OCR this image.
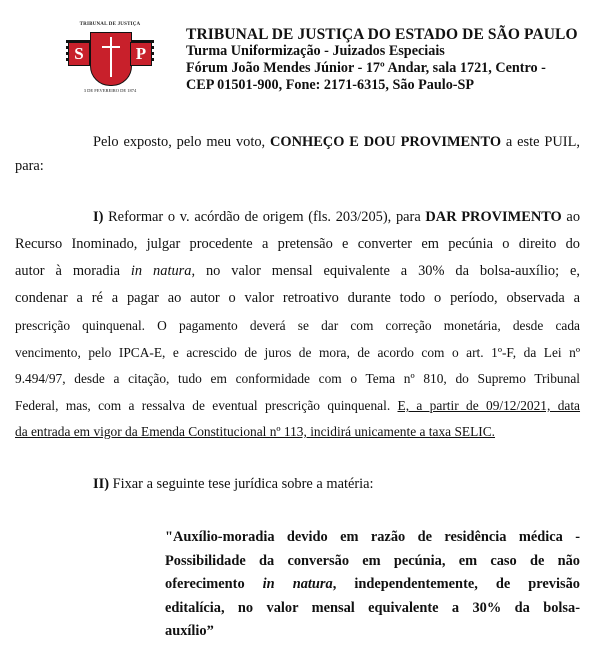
TRIBUNAL DE JUSTIÇA
S	P
3 DE FEVEREIRO DE 1874
TRIBUNAL DE JUSTIÇA DO ESTADO DE SÃO PAULO
Turma Uniformização - Juizados Especiais
Fórum João Mendes Júnior - 17º Andar, sala 1721, Centro -
CEP 01501-900, Fone: 2171-6315, São Paulo-SP
Pelo exposto, pelo meu voto, CONHEÇO E DOU PROVIMENTO a este PUIL,
para:
I) Reformar o v. acórdão de origem (fls. 203/205), para DAR PROVIMENTO ao
Recurso Inominado, julgar procedente a pretensão e converter em pecúnia o direito do
autor à moradia in natura, no valor mensal equivalente a 30% da bolsa-auxílio; e,
condenar a ré a pagar ao autor o valor retroativo durante todo o período, observada a
prescrição quinquenal. O pagamento deverá se dar com correção monetária, desde cada
vencimento, pelo IPCA-E, e acrescido de juros de mora, de acordo com o art. 1º-F, da Lei nº
9.494/97, desde a citação, tudo em conformidade com o Tema nº 810, do Supremo Tribunal
Federal, mas, com a ressalva de eventual prescrição quinquenal. E, a partir de 09/12/2021, data
da entrada em vigor da Emenda Constitucional nº 113, incidirá unicamente a taxa SELIC.
II) Fixar a seguinte tese jurídica sobre a matéria:
"Auxílio-moradia devido em razão de residência médica -
Possibilidade da conversão em pecúnia, em caso de não
oferecimento in natura, independentemente, de previsão
editalícia, no valor mensal equivalente a 30% da bolsa-
auxílio”
